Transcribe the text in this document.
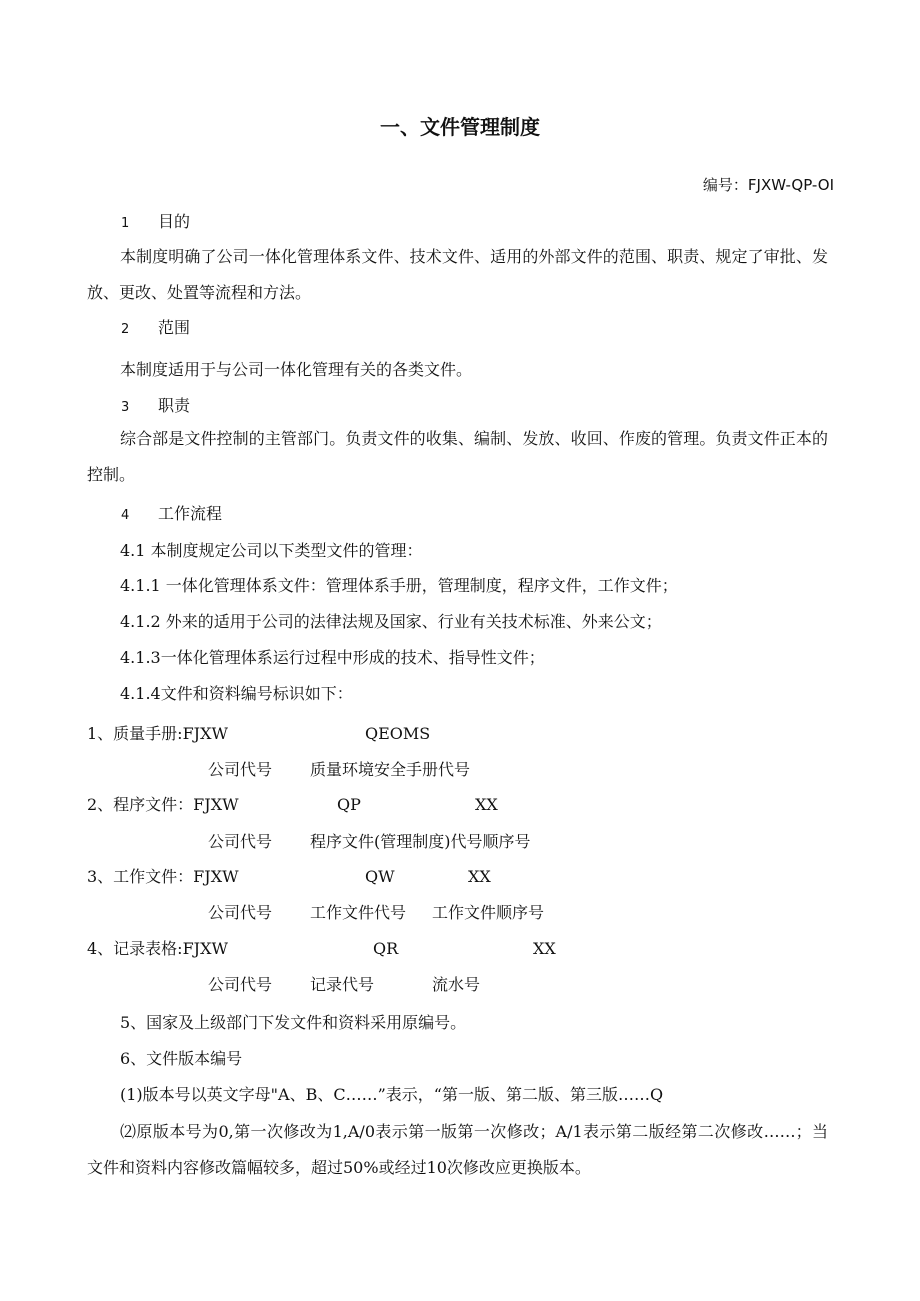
一、文件管理制度
编号：FJXW-QP-OI
1 目的
本制度明确了公司一体化管理体系文件、技术文件、适用的外部文件的范围、职责、规定了审批、发放、更改、处置等流程和方法。
2 范围
本制度适用于与公司一体化管理有关的各类文件。
3 职责
综合部是文件控制的主管部门。负责文件的收集、编制、发放、收回、作废的管理。负责文件正本的控制。
4 工作流程
4.1 本制度规定公司以下类型文件的管理：
4.1.1 一体化管理体系文件：管理体系手册，管理制度，程序文件，工作文件；
4.1.2 外来的适用于公司的法律法规及国家、行业有关技术标准、外来公文；
4.1.3一体化管理体系运行过程中形成的技术、指导性文件；
4.1.4文件和资料编号标识如下：
1、质量手册:FJXW	QEOMS
公司代号 质量环境安全手册代号
2、程序文件：FJXW	QP	XX
公司代号 程序文件(管理制度)代号顺序号
3、工作文件：FJXW	QW	XX
公司代号 工作文件代号 工作文件顺序号
4、记录表格:FJXW	QR	XX
公司代号 记录代号	流水号
5、国家及上级部门下发文件和资料采用原编号。
6、文件版本编号
(1)版本号以英文字母"A、B、C……”表示，“第一版、第二版、第三版……Q
⑵原版本号为0,第一次修改为1,A/0表示第一版第一次修改；A/1表示第二版经第二次修改……；当文件和资料内容修改篇幅较多，超过50%或经过10次修改应更换版本。
